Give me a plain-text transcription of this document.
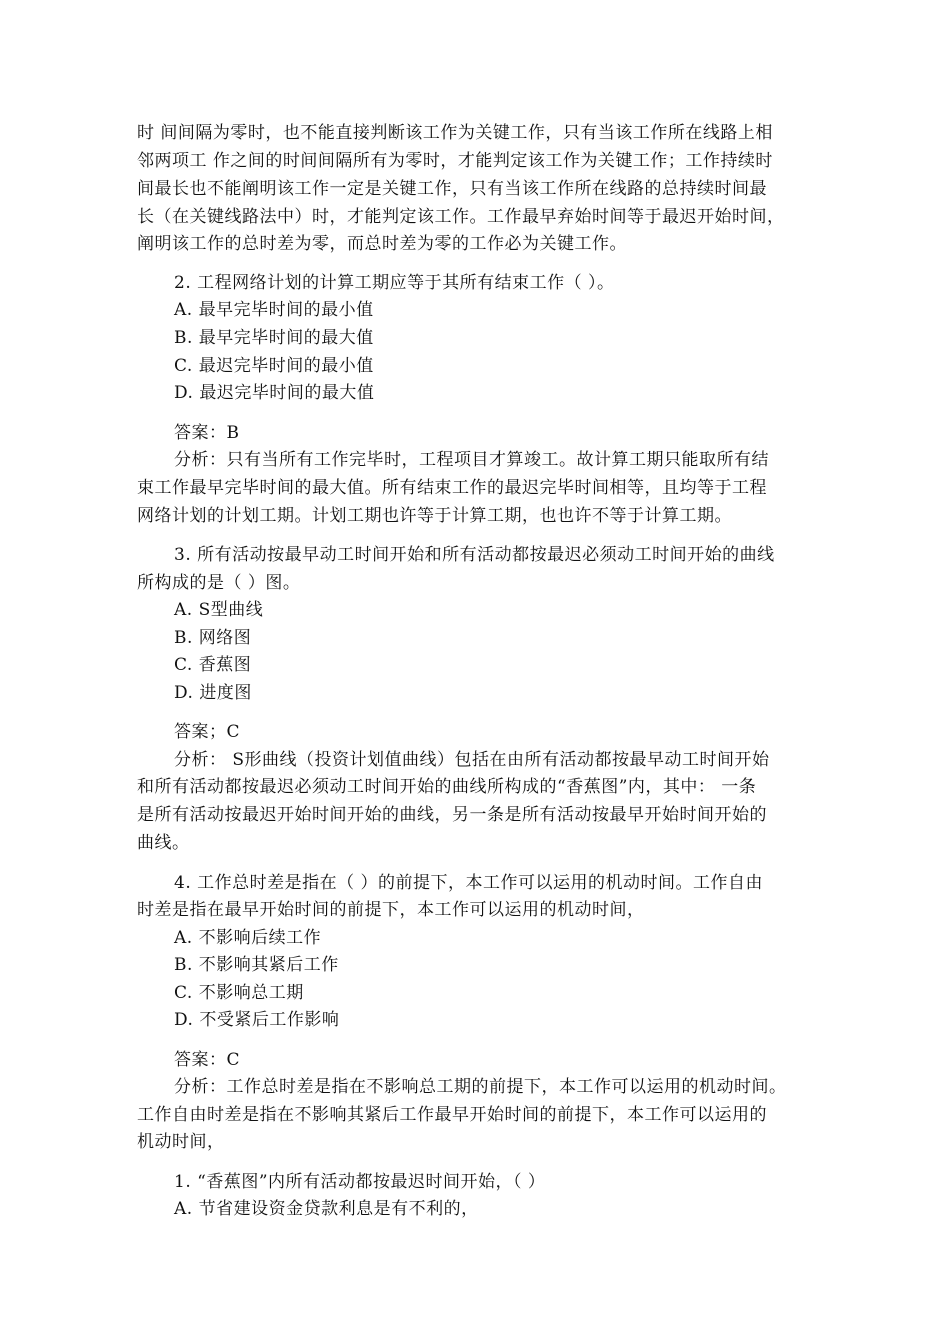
时 间间隔为零时，也不能直接判断该工作为关键工作，只有当该工作所在线路上相
邻两项工 作之间的时间间隔所有为零时，才能判定该工作为关键工作；工作持续时
间最长也不能阐明该工作一定是关键工作，只有当该工作所在线路的总持续时间最
长（在关键线路法中）时，才能判定该工作。工作最早弃始时间等于最迟开始时间，
阐明该工作的总时差为零，而总时差为零的工作必为关键工作。
2. 工程网络计划的计算工期应等于其所有结束工作（ ）。
A. 最早完毕时间的最小值
B. 最早完毕时间的最大值
C. 最迟完毕时间的最小值
D. 最迟完毕时间的最大值
答案：B
分析：只有当所有工作完毕时，工程项目才算竣工。故计算工期只能取所有结
束工作最早完毕时间的最大值。所有结束工作的最迟完毕时间相等，且均等于工程
网络计划的计划工期。计划工期也许等于计算工期，也也许不等于计算工期。
3. 所有活动按最早动工时间开始和所有活动都按最迟必须动工时间开始的曲线
所构成的是（ ）图。
A. S型曲线
B. 网络图
C. 香蕉图
D. 进度图
答案；C
分析： S形曲线（投资计划值曲线）包括在由所有活动都按最早动工时间开始
和所有活动都按最迟必须动工时间开始的曲线所构成的“香蕉图”内，其中： 一条
是所有活动按最迟开始时间开始的曲线，另一条是所有活动按最早开始时间开始的
曲线。
4. 工作总时差是指在（ ）的前提下，本工作可以运用的机动时间。工作自由
时差是指在最早开始时间的前提下，本工作可以运用的机动时间，
A. 不影响后续工作
B. 不影响其紧后工作
C. 不影响总工期
D. 不受紧后工作影响
答案：C
分析：工作总时差是指在不影响总工期的前提下，本工作可以运用的机动时间。
工作自由时差是指在不影响其紧后工作最早开始时间的前提下，本工作可以运用的
机动时间，
1. “香蕉图”内所有活动都按最迟时间开始，（ ）
A. 节省建设资金贷款利息是有不利的，
